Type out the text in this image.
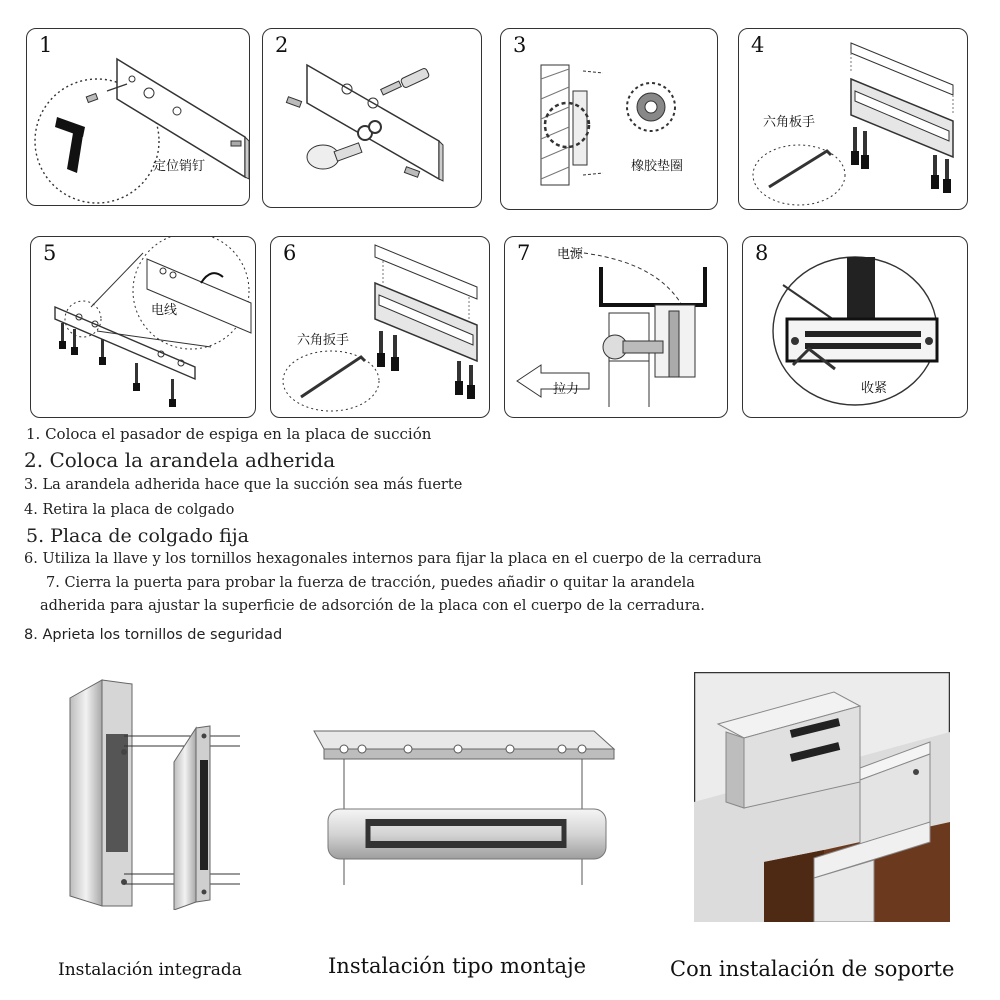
1
定位销钉
2	3
橡胶垫圈
4
六角板手
5
电线
6
六角扳手
7 电源
拉力
8
收紧
1. Coloca el pasador de espiga en la placa de succión
2. Coloca la arandela adherida
3. La arandela adherida hace que la succión sea más fuerte
4. Retira la placa de colgado
5. Placa de colgado fija
6. Utiliza la llave y los tornillos hexagonales internos para fijar la placa en el cuerpo de la cerradura
7. Cierra la puerta para probar la fuerza de tracción, puedes añadir o quitar la arandela
adherida para ajustar la superficie de adsorción de la placa con el cuerpo de la cerradura.
8. Aprieta los tornillos de seguridad
Instalación integrada	Instalación tipo montaje	Con instalación de soporte
